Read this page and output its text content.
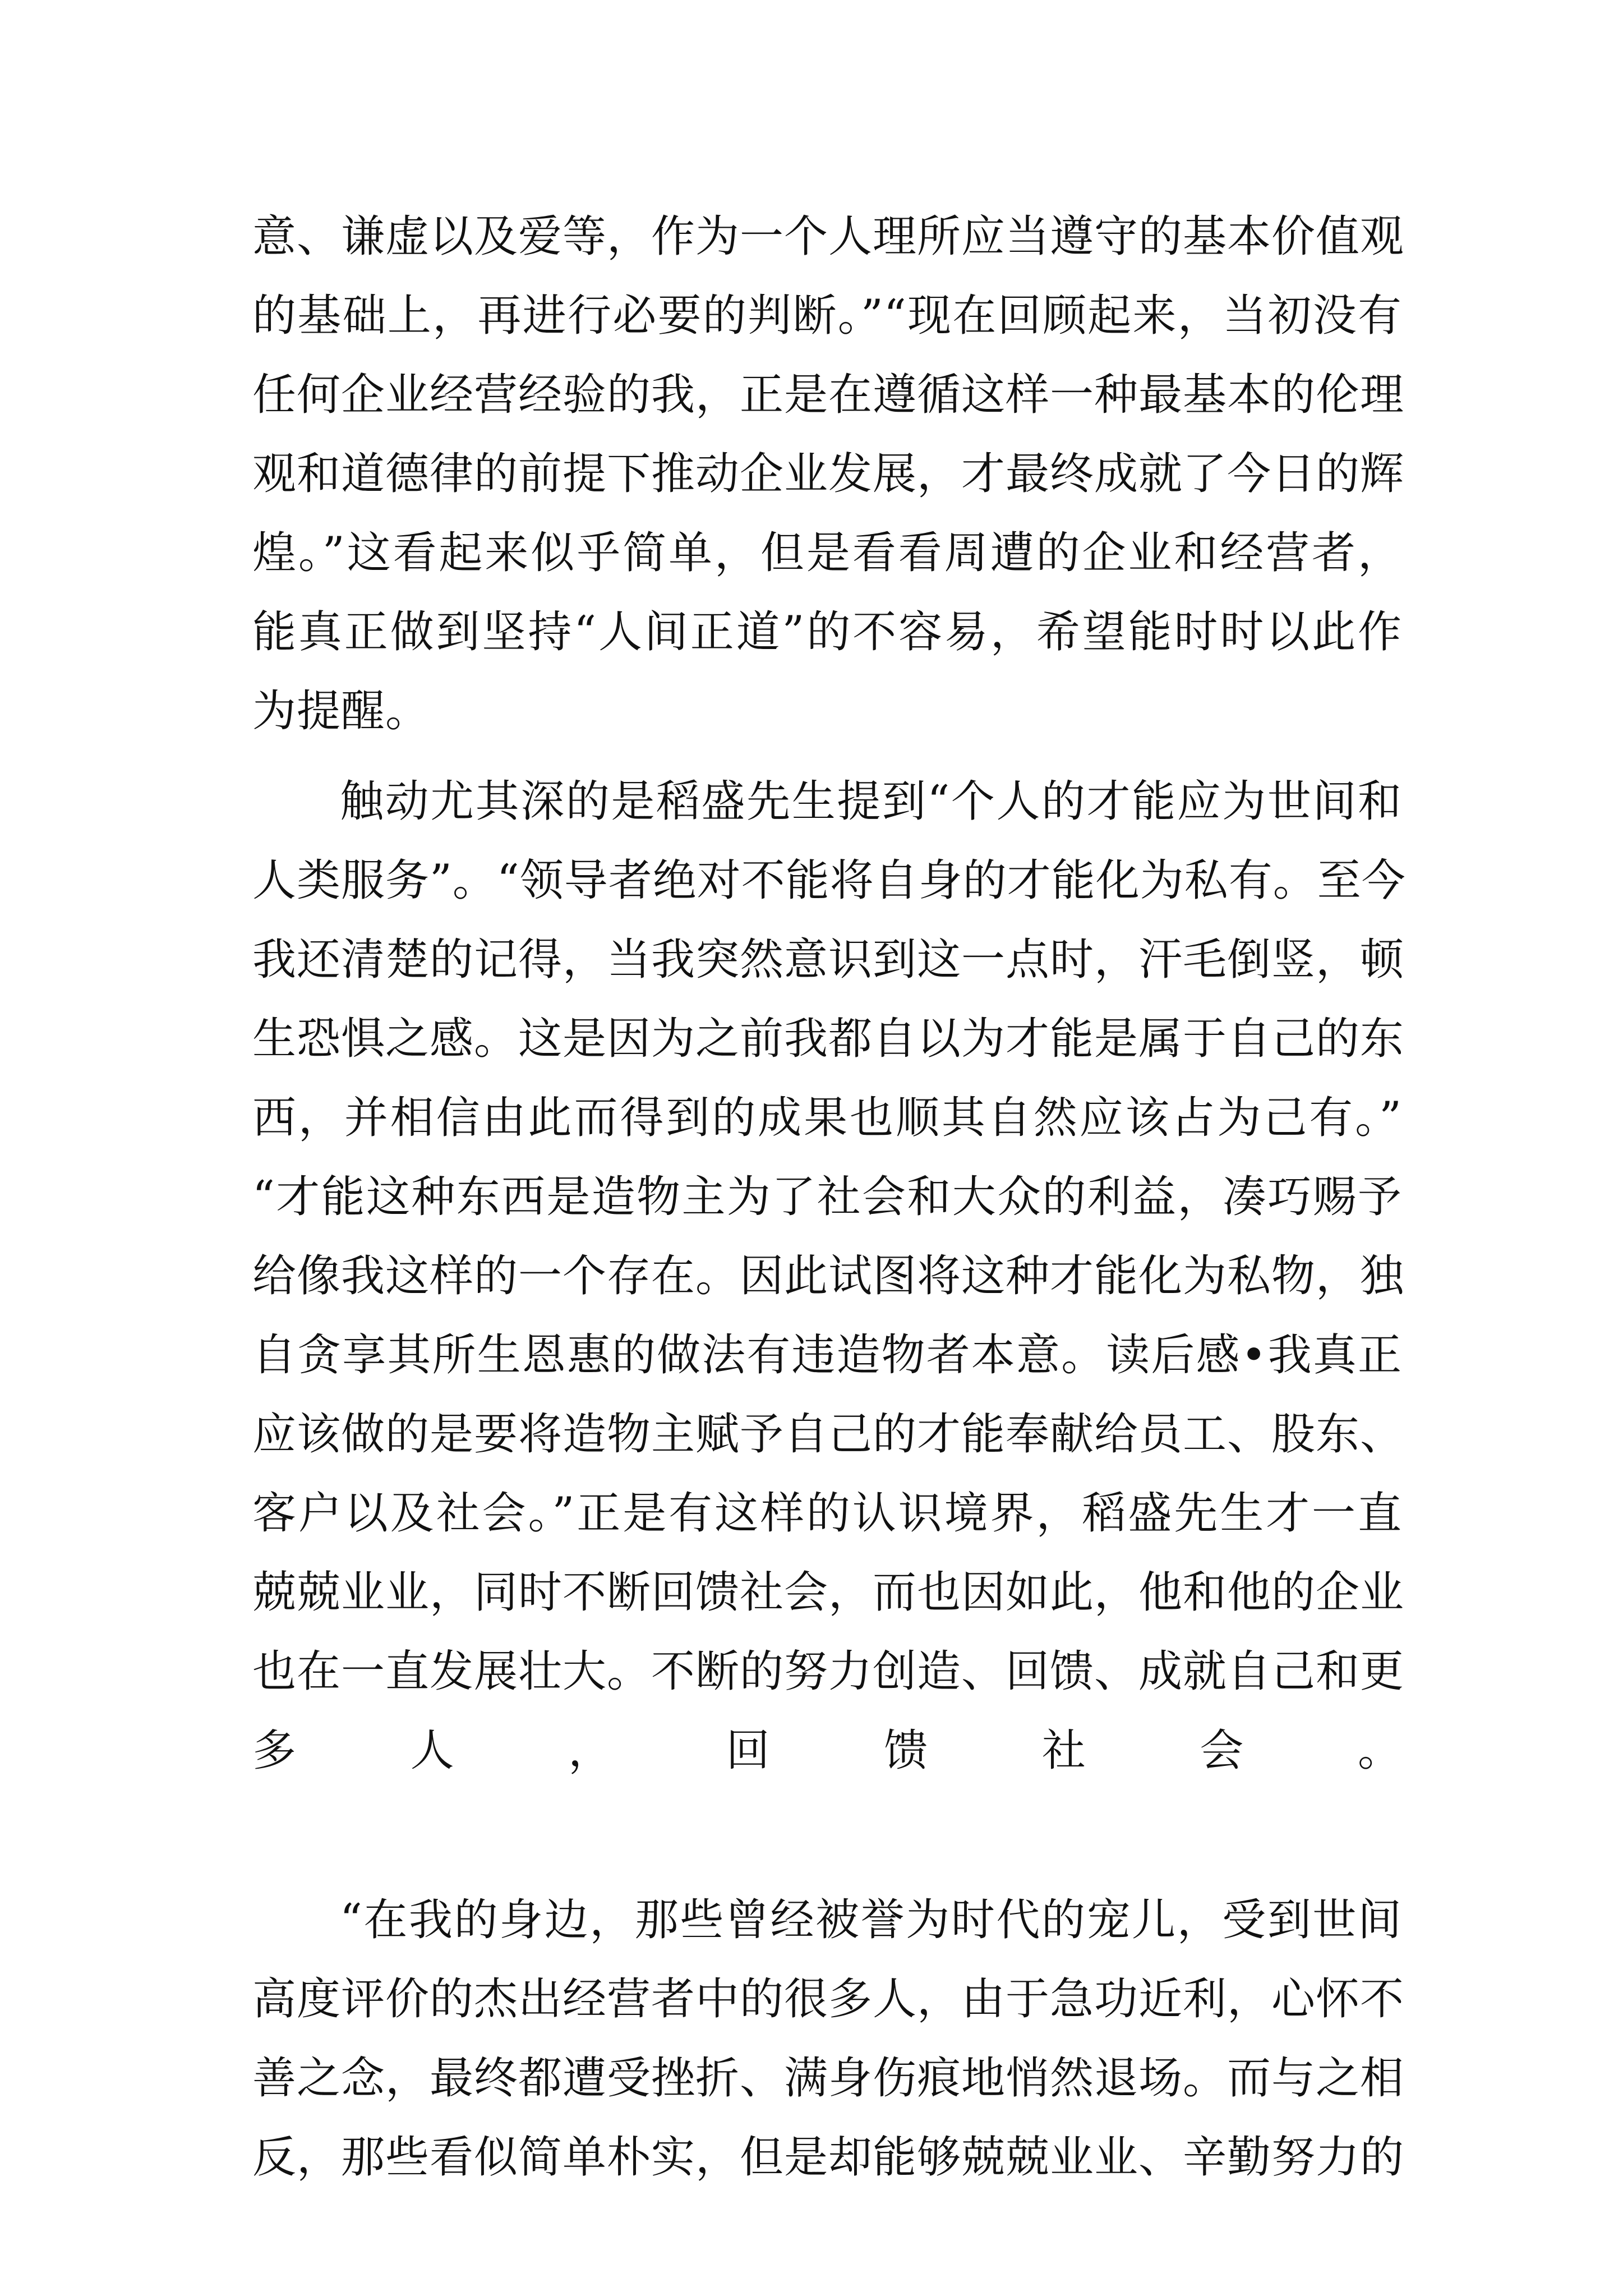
意、谦虚以及爱等，作为一个人理所应当遵守的基本价值观
的基础上，再进行必要的判断。”“现在回顾起来，当初没有
任何企业经营经验的我，正是在遵循这样一种最基本的伦理
观和道德律的前提下推动企业发展，才最终成就了今日的辉
煌。”这看起来似乎简单，但是看看周遭的企业和经营者，
能真正做到坚持“人间正道”的不容易，希望能时时以此作
为提醒。
触动尤其深的是稻盛先生提到“个人的才能应为世间和
人类服务”。“领导者绝对不能将自身的才能化为私有。至今
我还清楚的记得，当我突然意识到这一点时，汗毛倒竖，顿
生恐惧之感。这是因为之前我都自以为才能是属于自己的东
西，并相信由此而得到的成果也顺其自然应该占为己有。”
“才能这种东西是造物主为了社会和大众的利益，凑巧赐予
给像我这样的一个存在。因此试图将这种才能化为私物，独
自贪享其所生恩惠的做法有违造物者本意。读后感•我真正
应该做的是要将造物主赋予自己的才能奉献给员工、股东、
客户以及社会。”正是有这样的认识境界，稻盛先生才一直
兢兢业业，同时不断回馈社会，而也因如此，他和他的企业
也在一直发展壮大。不断的努力创造、回馈、成就自己和更
多人，回馈社会。
“在我的身边，那些曾经被誉为时代的宠儿，受到世间
高度评价的杰出经营者中的很多人，由于急功近利，心怀不
善之念，最终都遭受挫折、满身伤痕地悄然退场。而与之相
反，那些看似简单朴实，但是却能够兢兢业业、辛勤努力的
